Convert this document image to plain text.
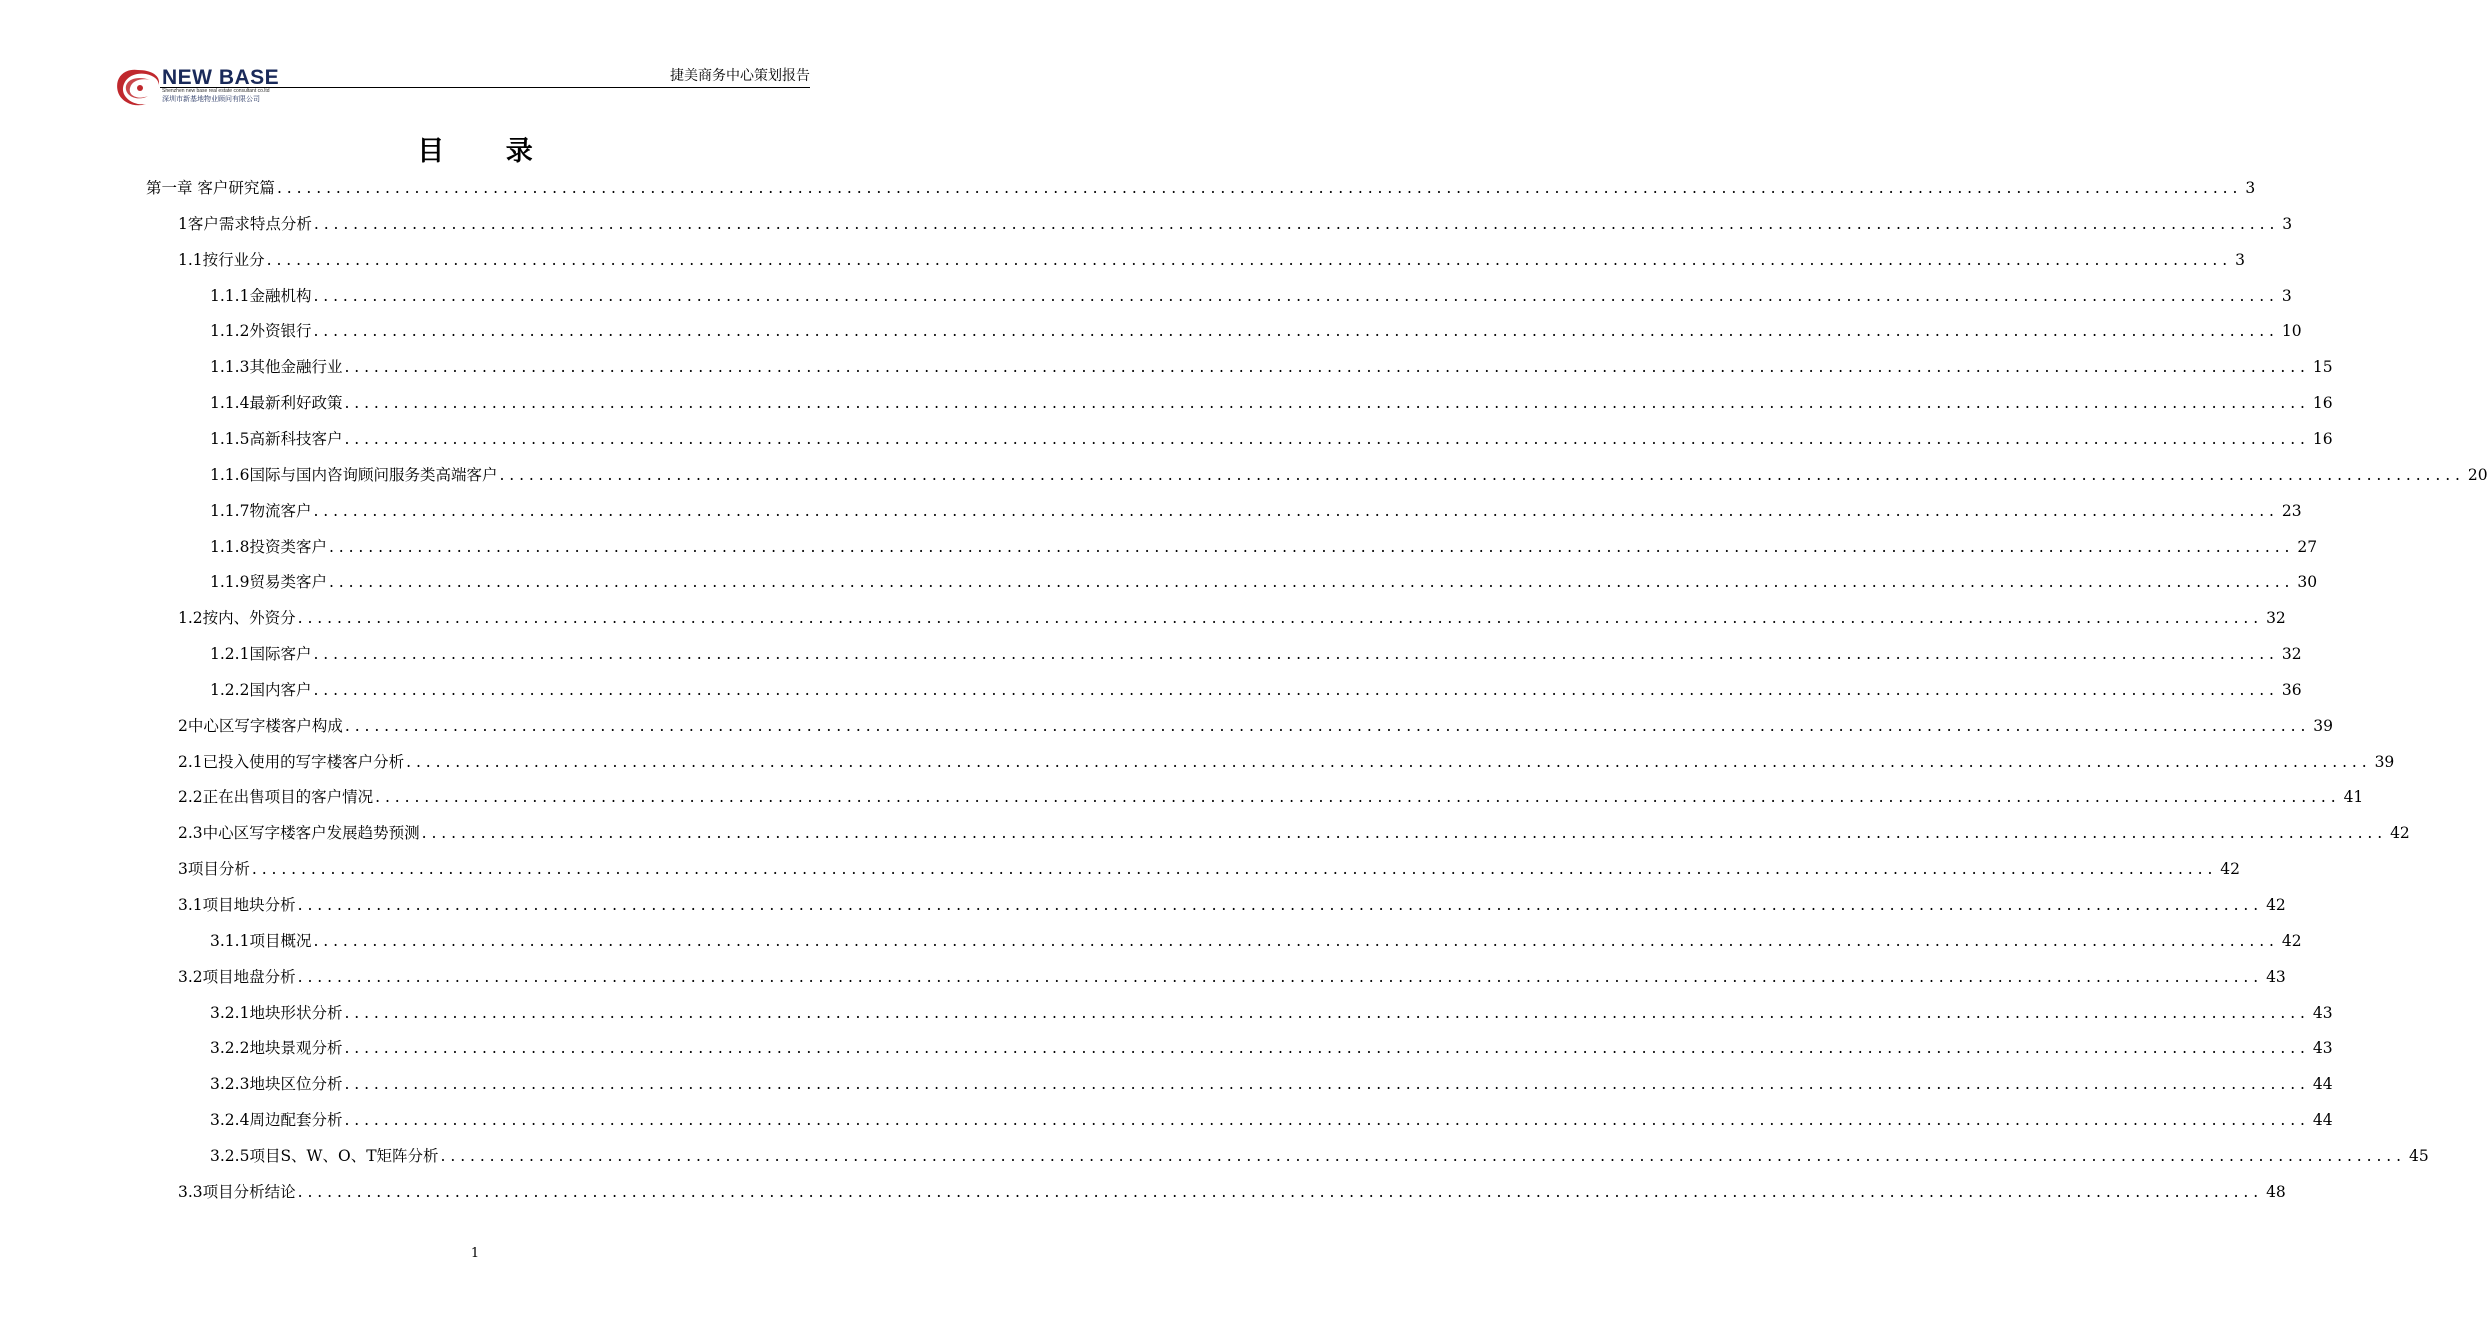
NEW BASE
Shenzhen new base real estate consultant co.ltd
深圳市新基地物业顾问有限公司
捷美商务中心策划报告
目 录
第一章 客户研究篇 ........................................................................................................................................................................................................ 3
1客户需求特点分析 ........................................................................................................................................................................................................ 3
1.1按行业分 ........................................................................................................................................................................................................ 3
1.1.1金融机构 ........................................................................................................................................................................................................ 3
1.1.2外资银行 ........................................................................................................................................................................................................ 10
1.1.3其他金融行业 ........................................................................................................................................................................................................ 15
1.1.4最新利好政策 ........................................................................................................................................................................................................ 16
1.1.5高新科技客户 ........................................................................................................................................................................................................ 16
1.1.6国际与国内咨询顾问服务类高端客户 ........................................................................................................................................................................................................ 20
1.1.7物流客户 ........................................................................................................................................................................................................ 23
1.1.8投资类客户 ........................................................................................................................................................................................................ 27
1.1.9贸易类客户 ........................................................................................................................................................................................................ 30
1.2按内、外资分 ........................................................................................................................................................................................................ 32
1.2.1国际客户 ........................................................................................................................................................................................................ 32
1.2.2国内客户 ........................................................................................................................................................................................................ 36
2中心区写字楼客户构成 ........................................................................................................................................................................................................ 39
2.1已投入使用的写字楼客户分析 ........................................................................................................................................................................................................ 39
2.2正在出售项目的客户情况 ........................................................................................................................................................................................................ 41
2.3中心区写字楼客户发展趋势预测 ........................................................................................................................................................................................................ 42
3项目分析 ........................................................................................................................................................................................................ 42
3.1项目地块分析 ........................................................................................................................................................................................................ 42
3.1.1项目概况 ........................................................................................................................................................................................................ 42
3.2项目地盘分析 ........................................................................................................................................................................................................ 43
3.2.1地块形状分析 ........................................................................................................................................................................................................ 43
3.2.2地块景观分析 ........................................................................................................................................................................................................ 43
3.2.3地块区位分析 ........................................................................................................................................................................................................ 44
3.2.4周边配套分析 ........................................................................................................................................................................................................ 44
3.2.5项目S、W、O、T矩阵分析 ........................................................................................................................................................................................................ 45
3.3项目分析结论 ........................................................................................................................................................................................................ 48
1
